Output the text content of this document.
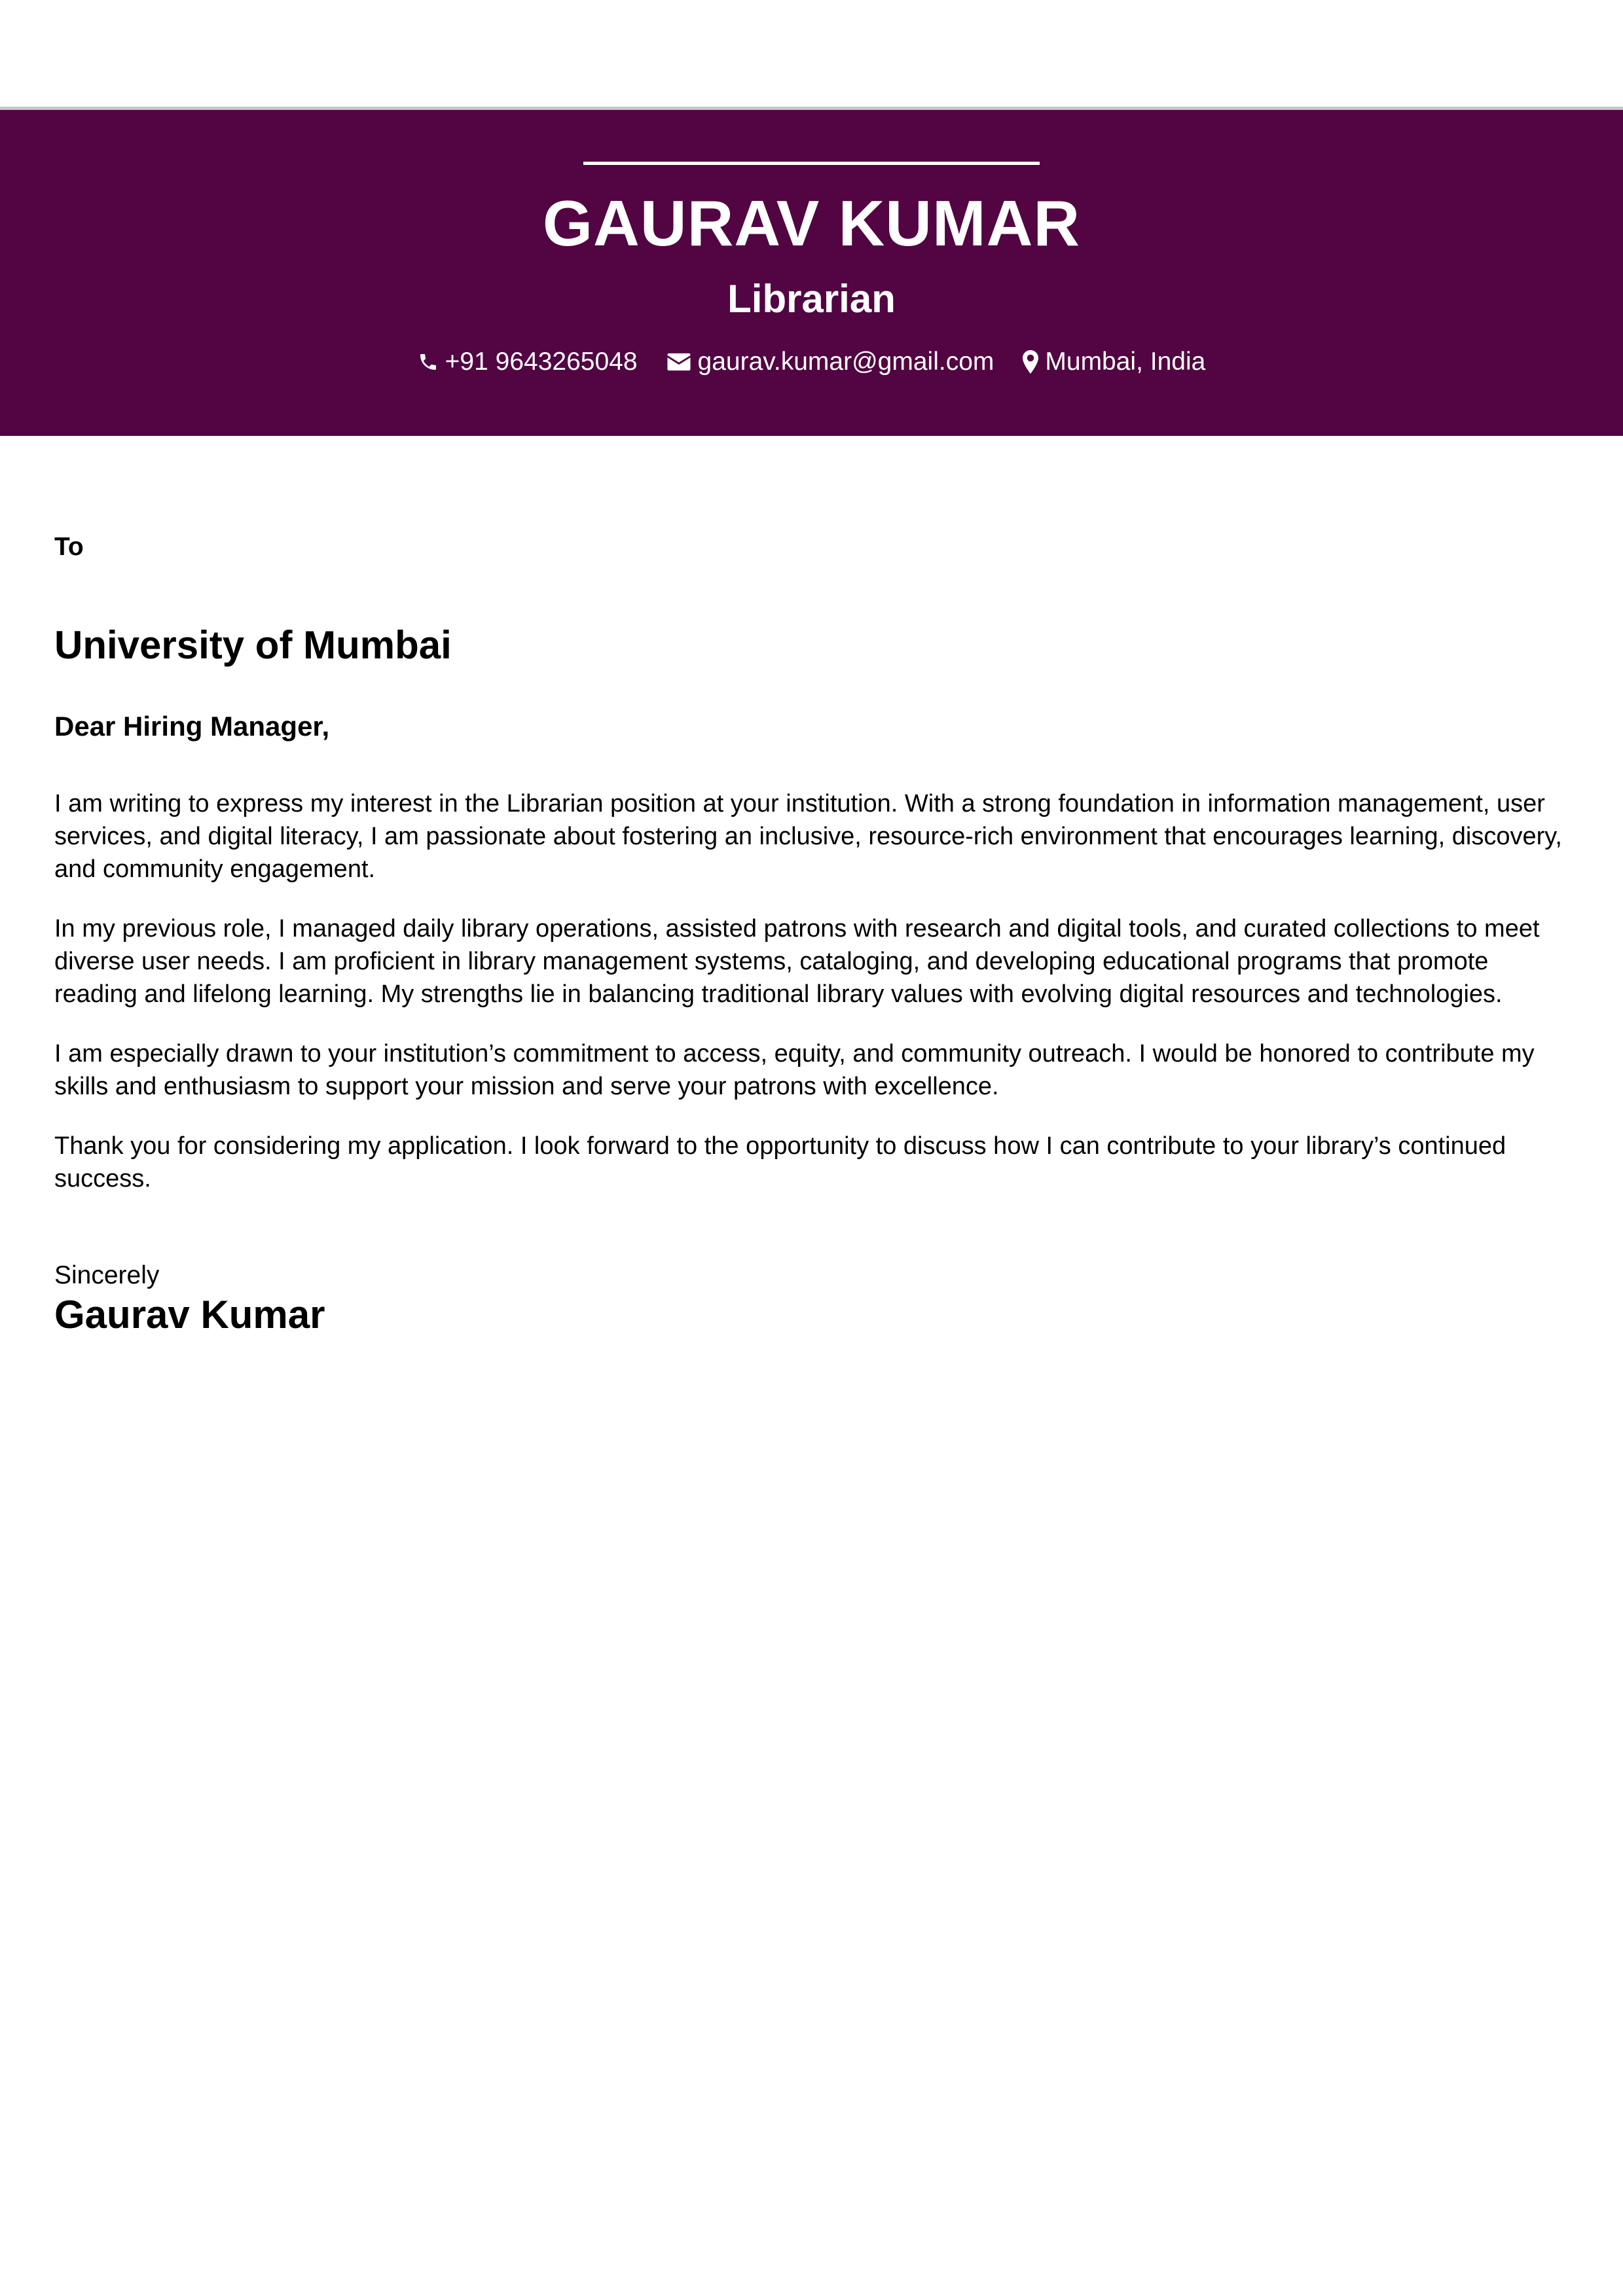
GAURAV KUMAR
Librarian
+91 9643265048 gaurav.kumar@gmail.com Mumbai, India
To
University of Mumbai
Dear Hiring Manager,

I am writing to express my interest in the Librarian position at your institution. With a strong foundation in information management, user services, and digital literacy, I am passionate about fostering an inclusive, resource-rich environment that encourages learning, discovery, and community engagement.

In my previous role, I managed daily library operations, assisted patrons with research and digital tools, and curated collections to meet diverse user needs. I am proficient in library management systems, cataloging, and developing educational programs that promote reading and lifelong learning. My strengths lie in balancing traditional library values with evolving digital resources and technologies.

I am especially drawn to your institution’s commitment to access, equity, and community outreach. I would be honored to contribute my skills and enthusiasm to support your mission and serve your patrons with excellence.

Thank you for considering my application. I look forward to the opportunity to discuss how I can contribute to your library’s continued success.

Sincerely
Gaurav Kumar
